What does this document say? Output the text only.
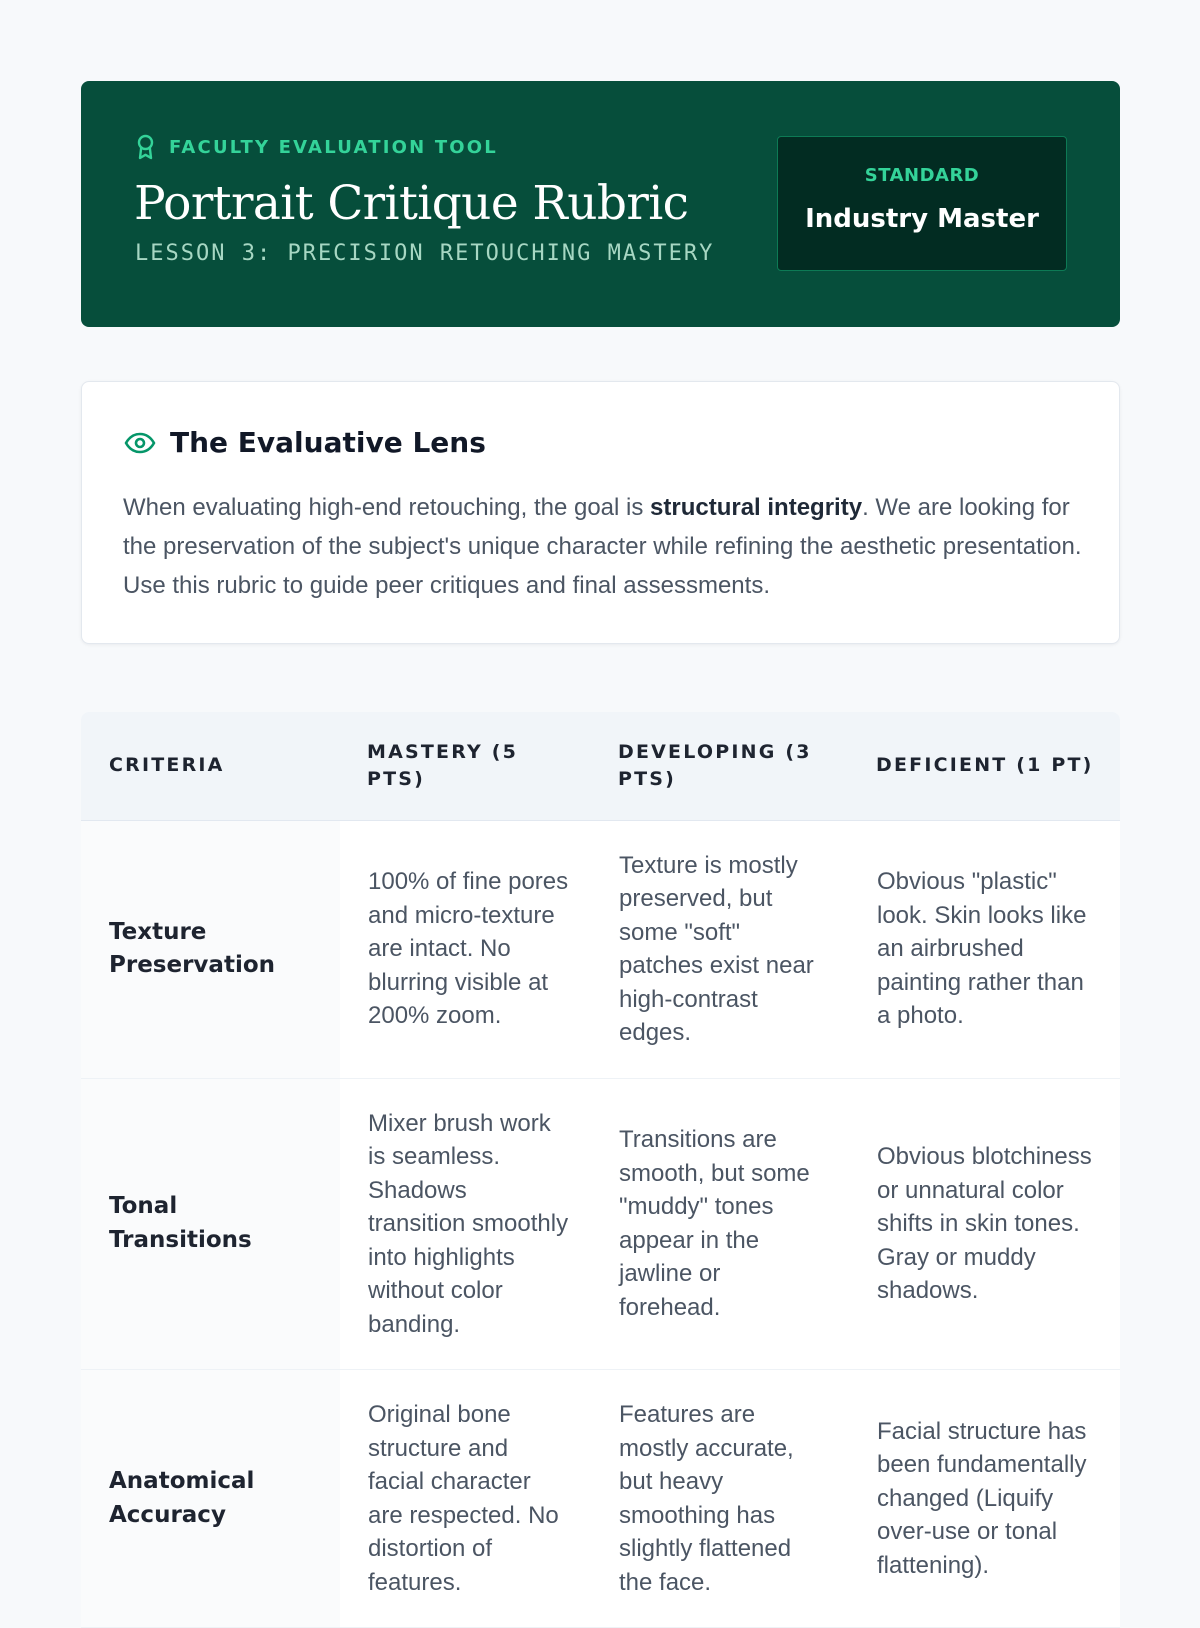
FACULTY EVALUATION TOOL
Portrait Critique Rubric
LESSON 3: PRECISION RETOUCHING MASTERY
STANDARD
Industry Master
The Evaluative Lens

When evaluating high-end retouching, the goal is structural integrity. We are looking for the preservation of the subject's unique character while refining the aesthetic presentation. Use this rubric to guide peer critiques and final assessments.

CRITERIA	MASTERY (5 PTS)	DEVELOPING (3 PTS)	DEFICIENT (1 PT)
Texture Preservation	100% of fine pores and micro-texture are intact. No blurring visible at 200% zoom.	Texture is mostly preserved, but some "soft" patches exist near high-contrast edges.	Obvious "plastic" look. Skin looks like an airbrushed painting rather than a photo.
Tonal Transitions	Mixer brush work is seamless. Shadows transition smoothly into highlights without color banding.	Transitions are smooth, but some "muddy" tones appear in the jawline or forehead.	Obvious blotchiness or unnatural color shifts in skin tones. Gray or muddy shadows.
Anatomical Accuracy	Original bone structure and facial character are respected. No distortion of features.	Features are mostly accurate, but heavy smoothing has slightly flattened the face.	Facial structure has been fundamentally changed (Liquify over-use or tonal flattening).
